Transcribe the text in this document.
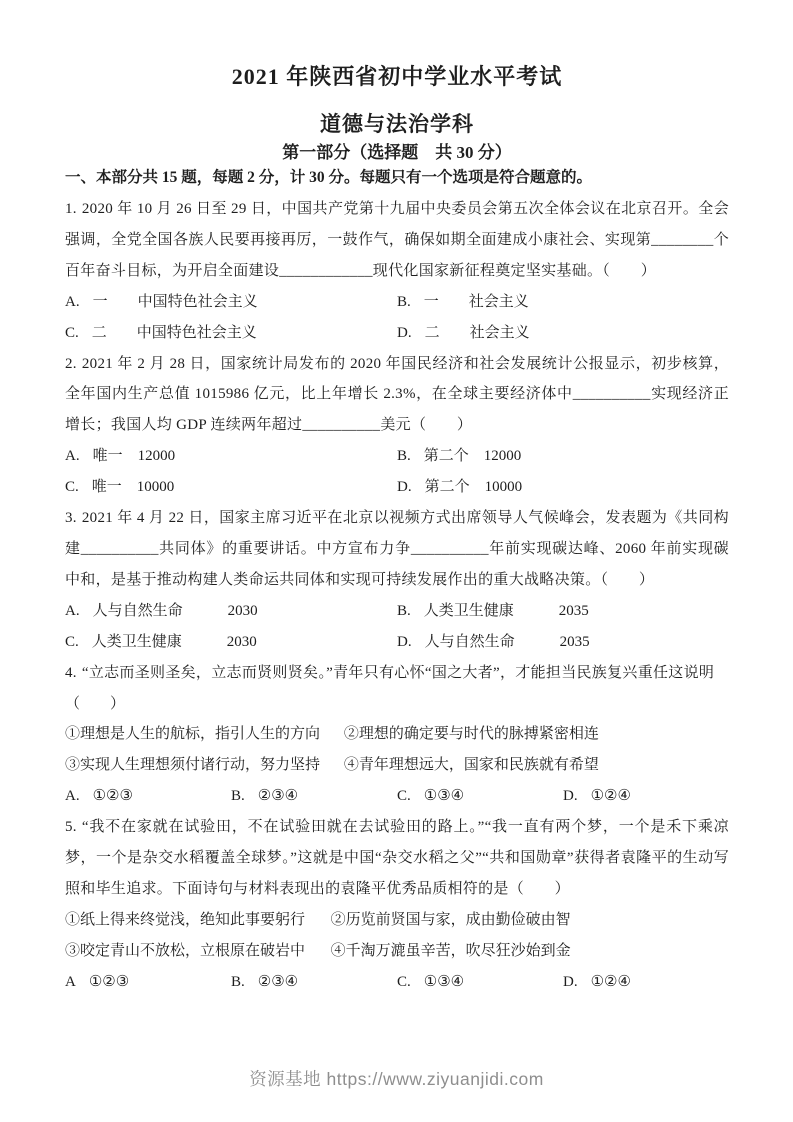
2021 年陕西省初中学业水平考试
道德与法治学科
第一部分（选择题　共 30 分）

一、本部分共 15 题，每题 2 分，计 30 分。每题只有一个选项是符合题意的。

1. 2020 年 10 月 26 日至 29 日，中国共产党第十九届中央委员会第五次全体会议在北京召开。全会强调，全党全国各族人民要再接再厉，一鼓作气，确保如期全面建成小康社会、实现第________个百年奋斗目标，为开启全面建设____________现代化国家新征程奠定坚实基础。（　　）

A. 一　　中国特色社会主义	B. 一　　社会主义
C. 二　　中国特色社会主义	D. 二　　社会主义

2. 2021 年 2 月 28 日，国家统计局发布的 2020 年国民经济和社会发展统计公报显示，初步核算，全年国内生产总值 1015986 亿元，比上年增长 2.3%，在全球主要经济体中__________实现经济正增长；我国人均 GDP 连续两年超过__________美元（　　）

A. 唯一　12000	B. 第二个　12000
C. 唯一　10000	D. 第二个　10000

3. 2021 年 4 月 22 日，国家主席习近平在北京以视频方式出席领导人气候峰会，发表题为《共同构建__________共同体》的重要讲话。中方宣布力争__________年前实现碳达峰、2060 年前实现碳中和，是基于推动构建人类命运共同体和实现可持续发展作出的重大战略决策。（　　）

A. 人与自然生命　　　2030	B. 人类卫生健康　　　2035
C. 人类卫生健康　　　2030	D. 人与自然生命　　　2035

4. “立志而圣则圣矣，立志而贤则贤矣。”青年只有心怀“国之大者”，才能担当民族复兴重任这说明

（　　）

①理想是人生的航标，指引人生的方向	②理想的确定要与时代的脉搏紧密相连
③实现人生理想须付诸行动，努力坚持	④青年理想远大，国家和民族就有希望
A. ①②③	B. ②③④	C. ①③④	D. ①②④

5. “我不在家就在试验田，不在试验田就在去试验田的路上。”“我一直有两个梦，一个是禾下乘凉梦，一个是杂交水稻覆盖全球梦。”这就是中国“杂交水稻之父”“共和国勋章”获得者袁隆平的生动写照和毕生追求。下面诗句与材料表现出的袁隆平优秀品质相符的是（　　）

①纸上得来终觉浅，绝知此事要躬行	②历览前贤国与家，成由勤俭破由智
③咬定青山不放松，立根原在破岩中	④千淘万漉虽辛苦，吹尽狂沙始到金
A ①②③	B. ②③④	C. ①③④	D. ①②④
资源基地 https://www.ziyuanjidi.com
